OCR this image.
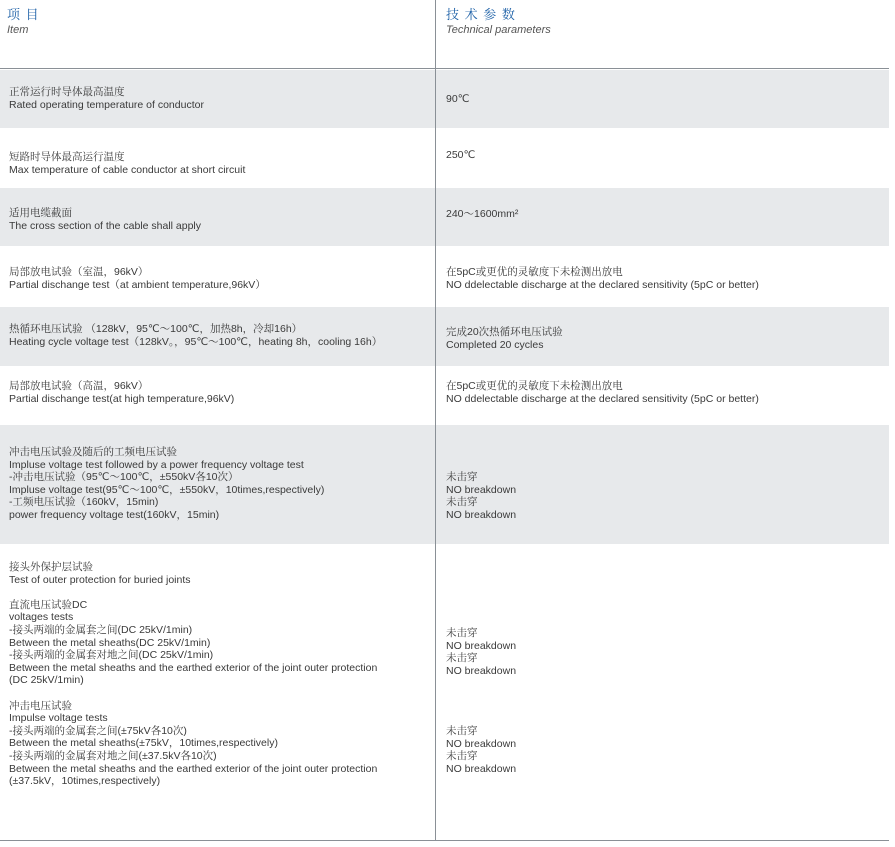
项 目
Item
技 术 参 数
Technical parameters
正常运行时导体最高温度
Rated operating temperature of conductor	90℃
短路时导体最高运行温度
Max temperature of cable conductor at short circuit
250℃
适用电缆截面
The cross section of the cable shall apply
240～1600mm²
局部放电试验（室温，96kV）
Partial dischange test（at ambient temperature,96kV）
在5pC或更优的灵敏度下未检测出放电
NO ddelectable discharge at the declared sensitivity (5pC or better)
热循环电压试验 （128kV，95℃～100℃，加热8h，冷却16h）
Heating cycle voltage test（128kV。，95℃～100℃，heating 8h，cooling 16h）
完成20次热循环电压试验
Completed 20 cycles
局部放电试验（高温，96kV）
Partial dischange test(at high temperature,96kV)
在5pC或更优的灵敏度下未检测出放电
NO ddelectable discharge at the declared sensitivity (5pC or better)
冲击电压试验及随后的工频电压试验
Impluse voltage test followed by a power frequency voltage test
-冲击电压试验（95℃～100℃，±550kV各10次）
Impluse voltage test(95℃～100℃，±550kV，10times,respectively)
-工频电压试验（160kV，15min)
power frequency voltage test(160kV，15min)
未击穿
NO breakdown
未击穿
NO breakdown
接头外保护层试验
Test of outer protection for buried joints

直流电压试验DC
voltages tests
-接头两端的金属套之间(DC 25kV/1min)
Between the metal sheaths(DC 25kV/1min)
-接头两端的金属套对地之间(DC 25kV/1min)
Between the metal sheaths and the earthed exterior of the joint outer protection
(DC 25kV/1min)

冲击电压试验
Impulse voltage tests
-接头两端的金属套之间(±75kV各10次)
Between the metal sheaths(±75kV，10times,respectively)
-接头两端的金属套对地之间(±37.5kV各10次)
Between the metal sheaths and the earthed exterior of the joint outer protection
(±37.5kV，10times,respectively)
未击穿
NO breakdown
未击穿
NO breakdown
未击穿
NO breakdown
未击穿
NO breakdown
